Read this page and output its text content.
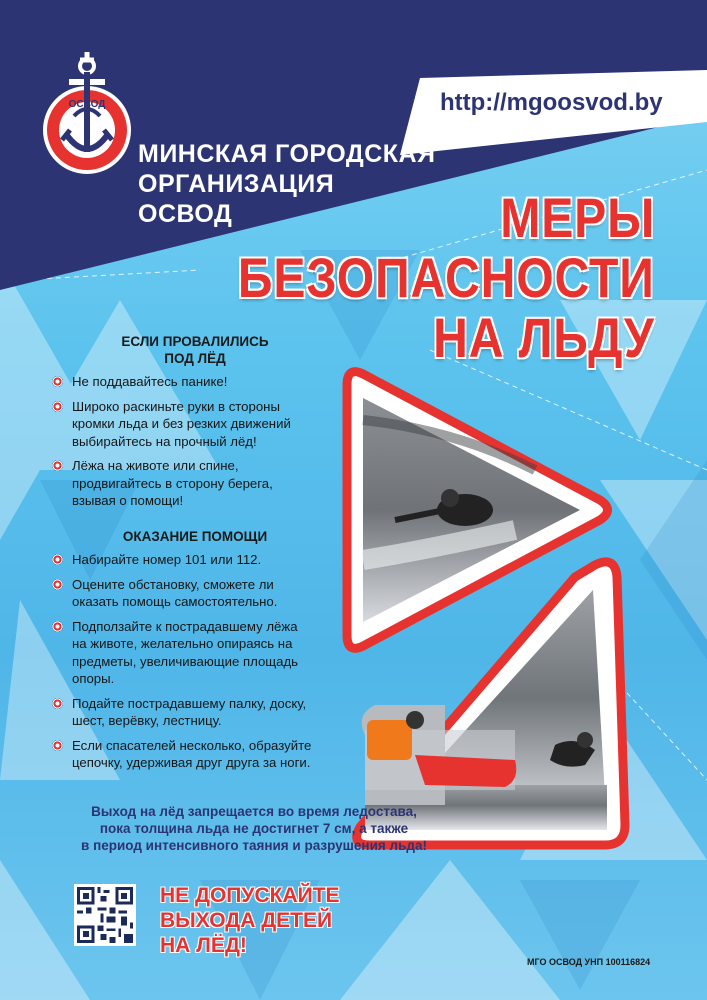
ОСВОД
МИНСКАЯ ГОРОДСКАЯ
ОРГАНИЗАЦИЯ
ОСВОД
http://mgoosvod.by
МЕРЫ
БЕЗОПАСНОСТИ
НА ЛЬДУ
ЕСЛИ ПРОВАЛИЛИСЬ
ПОД ЛЁД
Не поддавайтесь панике!
Широко раскиньте руки в стороны кромки льда и без резких движений выбирайтесь на прочный лёд!
Лёжа на животе или спине, продвигайтесь в сторону берега, взывая о помощи!
ОКАЗАНИЕ ПОМОЩИ
Набирайте номер 101 или 112.
Оцените обстановку, сможете ли оказать помощь самостоятельно.
Подползайте к пострадавшему лёжа на животе, желательно опираясь на предметы, увеличивающие площадь опоры.
Подайте пострадавшему палку, доску, шест, верёвку, лестницу.
Если спасателей несколько, образуйте цепочку, удерживая друг друга за ноги.
Выход на лёд запрещается во время ледостава,
пока толщина льда не достигнет 7 см, а также
в период интенсивного таяния и разрушения льда!
НЕ ДОПУСКАЙТЕ
ВЫХОДА ДЕТЕЙ
НА ЛЁД!
МГО ОСВОД УНП 100116824
